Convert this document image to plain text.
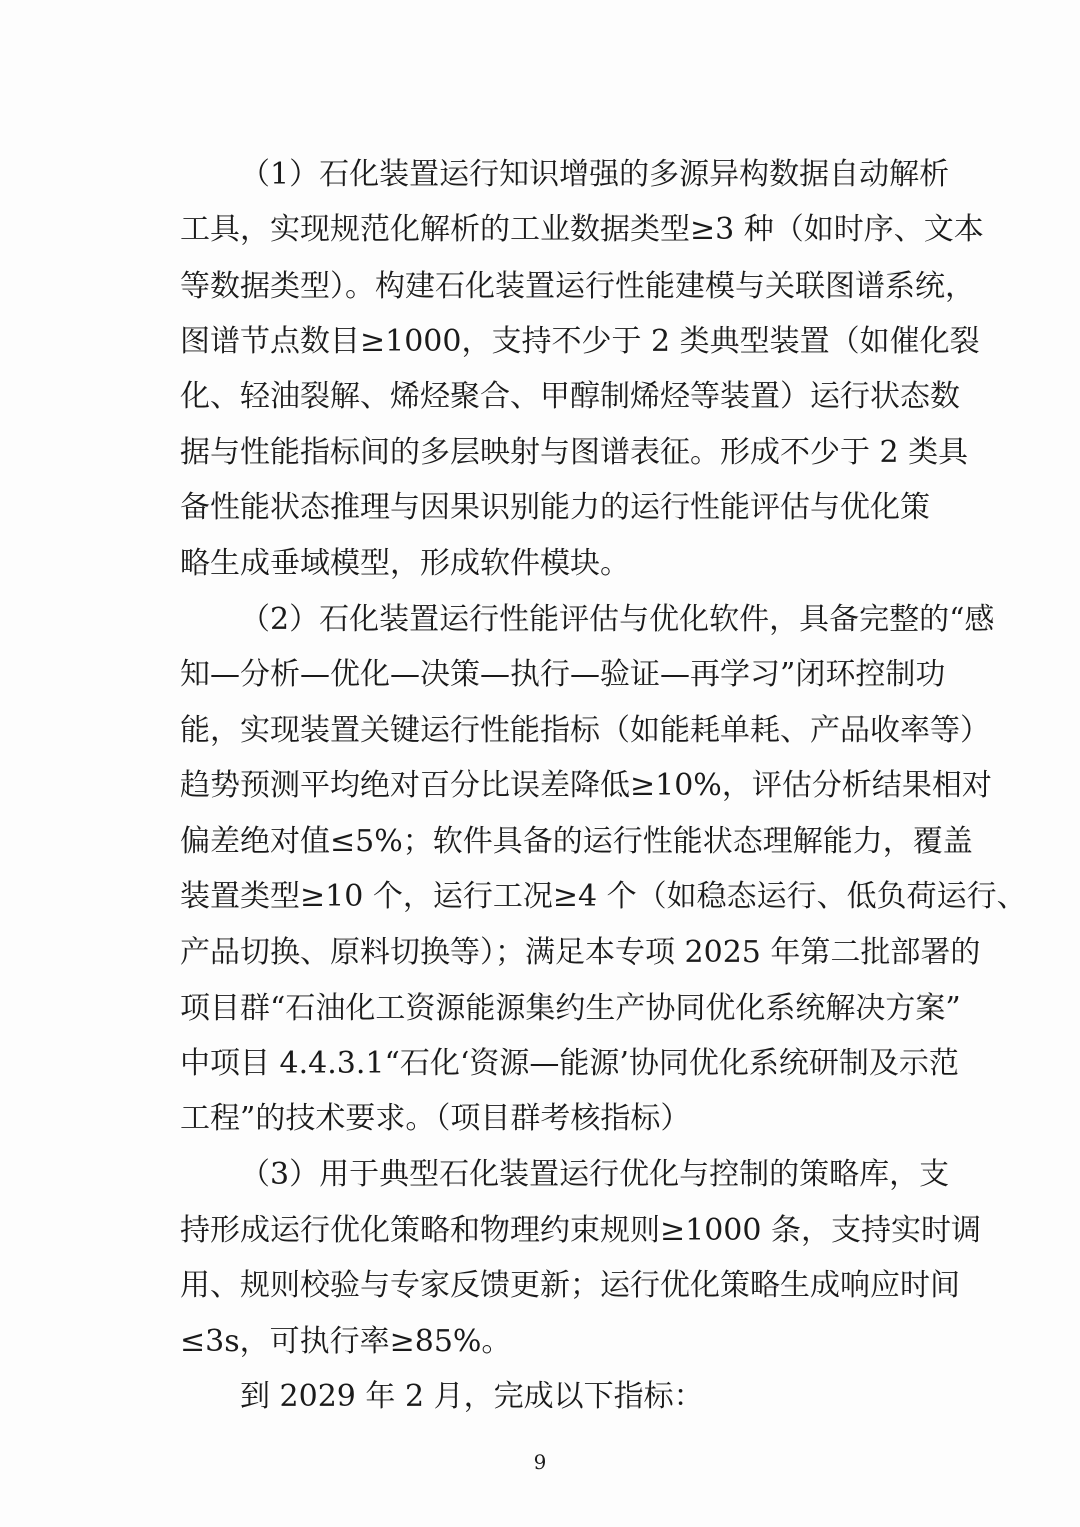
（1）石化装置运行知识增强的多源异构数据自动解析
工具，实现规范化解析的工业数据类型≥3 种（如时序、文本
等数据类型）。构建石化装置运行性能建模与关联图谱系统，
图谱节点数目≥1000，支持不少于 2 类典型装置（如催化裂
化、轻油裂解、烯烃聚合、甲醇制烯烃等装置）运行状态数
据与性能指标间的多层映射与图谱表征。形成不少于 2 类具
备性能状态推理与因果识别能力的运行性能评估与优化策
略生成垂域模型，形成软件模块。
（2）石化装置运行性能评估与优化软件，具备完整的“感
知—分析—优化—决策—执行—验证—再学习”闭环控制功
能，实现装置关键运行性能指标（如能耗单耗、产品收率等）
趋势预测平均绝对百分比误差降低≥10%，评估分析结果相对
偏差绝对值≤5%；软件具备的运行性能状态理解能力，覆盖
装置类型≥10 个，运行工况≥4 个（如稳态运行、低负荷运行、
产品切换、原料切换等）；满足本专项 2025 年第二批部署的
项目群“石油化工资源能源集约生产协同优化系统解决方案”
中项目 4.4.3.1“石化‘资源—能源’协同优化系统研制及示范
工程”的技术要求。（项目群考核指标）
（3）用于典型石化装置运行优化与控制的策略库，支
持形成运行优化策略和物理约束规则≥1000 条，支持实时调
用、规则校验与专家反馈更新；运行优化策略生成响应时间
≤3s，可执行率≥85%。
到 2029 年 2 月，完成以下指标：
9
